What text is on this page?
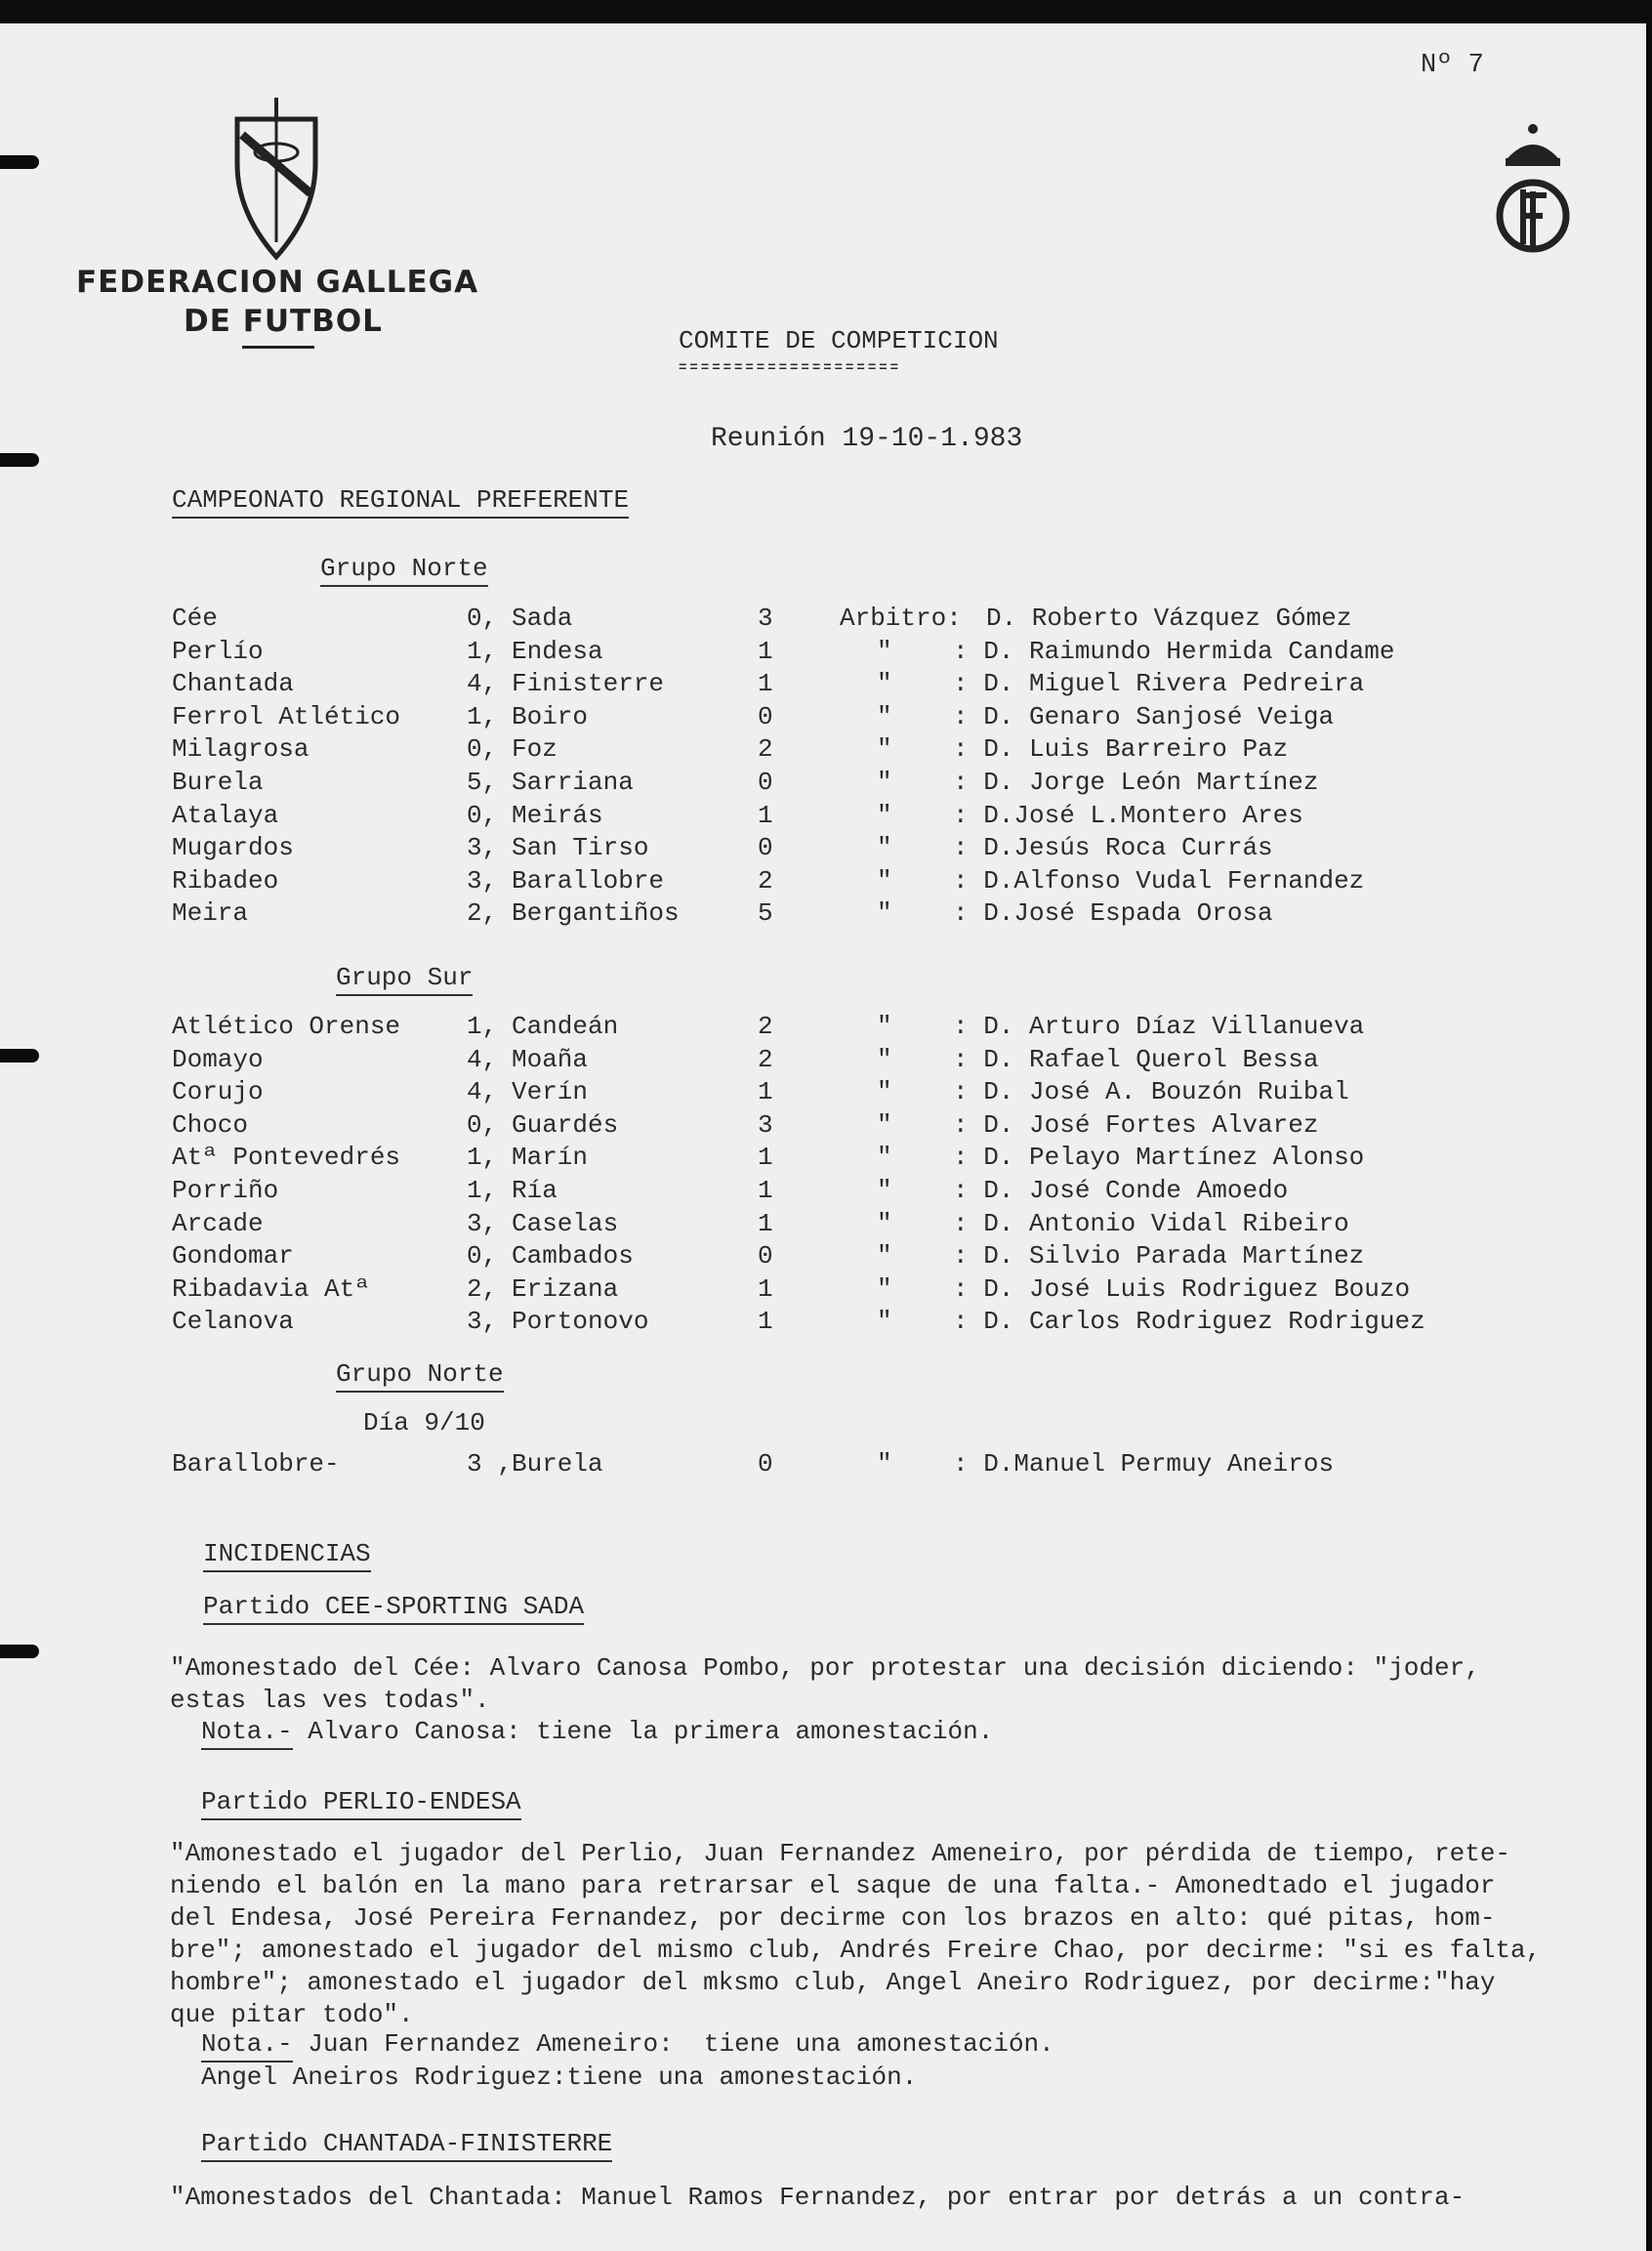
Nº 7
FEDERACION GALLEGA
DE FUTBOL
COMITE DE COMPETICION
====================
Reunión 19-10-1.983
CAMPEONATO REGIONAL PREFERENTE
Grupo Norte
Cée	0, Sada	3	Arbitro: D. Roberto Vázquez Gómez
Perlío	1, Endesa	1	" : D. Raimundo Hermida Candame
Chantada	4, Finisterre	1	" : D. Miguel Rivera Pedreira
Ferrol Atlético	1, Boiro	0	" : D. Genaro Sanjosé Veiga
Milagrosa	0, Foz	2	" : D. Luis Barreiro Paz
Burela	5, Sarriana	0	" : D. Jorge León Martínez
Atalaya	0, Meirás	1	" : D.José L.Montero Ares
Mugardos	3, San Tirso	0	" : D.Jesús Roca Currás
Ribadeo	3, Barallobre	2	" : D.Alfonso Vudal Fernandez
Meira	2, Bergantiños	5	" : D.José Espada Orosa
Grupo Sur
Atlético Orense	1, Candeán	2	" : D. Arturo Díaz Villanueva
Domayo	4, Moaña	2	" : D. Rafael Querol Bessa
Corujo	4, Verín	1	" : D. José A. Bouzón Ruibal
Choco	0, Guardés	3	" : D. José Fortes Alvarez
Atª Pontevedrés	1, Marín	1	" : D. Pelayo Martínez Alonso
Porriño	1, Ría	1	" : D. José Conde Amoedo
Arcade	3, Caselas	1	" : D. Antonio Vidal Ribeiro
Gondomar	0, Cambados	0	" : D. Silvio Parada Martínez
Ribadavia Atª	2, Erizana	1	" : D. José Luis Rodriguez Bouzo
Celanova	3, Portonovo	1	" : D. Carlos Rodriguez Rodriguez
Grupo Norte
Día 9/10
Barallobre-	3 , Burela	0	" : D.Manuel Permuy Aneiros
INCIDENCIAS
Partido CEE-SPORTING SADA
"Amonestado del Cée: Alvaro Canosa Pombo, por protestar una decisión diciendo: "joder,
estas las ves todas".
Nota.- Alvaro Canosa: tiene la primera amonestación.
Partido PERLIO-ENDESA
"Amonestado el jugador del Perlio, Juan Fernandez Ameneiro, por pérdida de tiempo, rete-
niendo el balón en la mano para retrarsar el saque de una falta.- Amonedtado el jugador
del Endesa, José Pereira Fernandez, por decirme con los brazos en alto: qué pitas, hom-
bre"; amonestado el jugador del mismo club, Andrés Freire Chao, por decirme: "si es falta,
hombre"; amonestado el jugador del mksmo club, Angel Aneiro Rodriguez, por decirme:"hay
que pitar todo".
Nota.- Juan Fernandez Ameneiro:  tiene una amonestación.
Angel Aneiros Rodriguez:tiene una amonestación.
Partido CHANTADA-FINISTERRE
"Amonestados del Chantada: Manuel Ramos Fernandez, por entrar por detrás a un contra-
